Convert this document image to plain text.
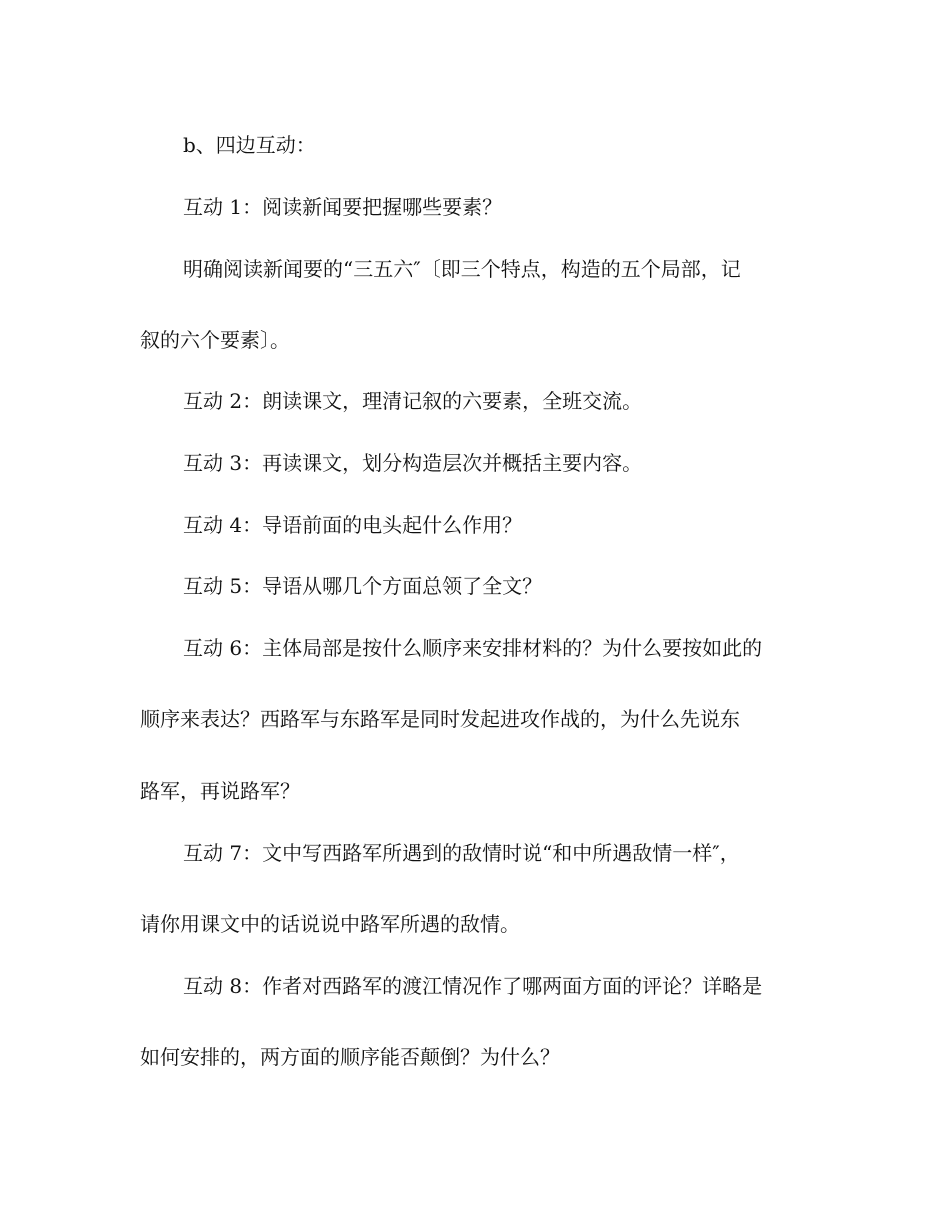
b、四边互动：
互动 1：阅读新闻要把握哪些要素？
明确阅读新闻要的“三五六″〔即三个特点，构造的五个局部，记
叙的六个要素〕。
互动 2：朗读课文，理清记叙的六要素，全班交流。
互动 3：再读课文，划分构造层次并概括主要内容。
互动 4：导语前面的电头起什么作用？
互动 5：导语从哪几个方面总领了全文？
互动 6：主体局部是按什么顺序来安排材料的？为什么要按如此的
顺序来表达？西路军与东路军是同时发起进攻作战的，为什么先说东
路军，再说路军？
互动 7：文中写西路军所遇到的敌情时说“和中所遇敌情一样″，
请你用课文中的话说说中路军所遇的敌情。
互动 8：作者对西路军的渡江情况作了哪两面方面的评论？详略是
如何安排的，两方面的顺序能否颠倒？为什么？
